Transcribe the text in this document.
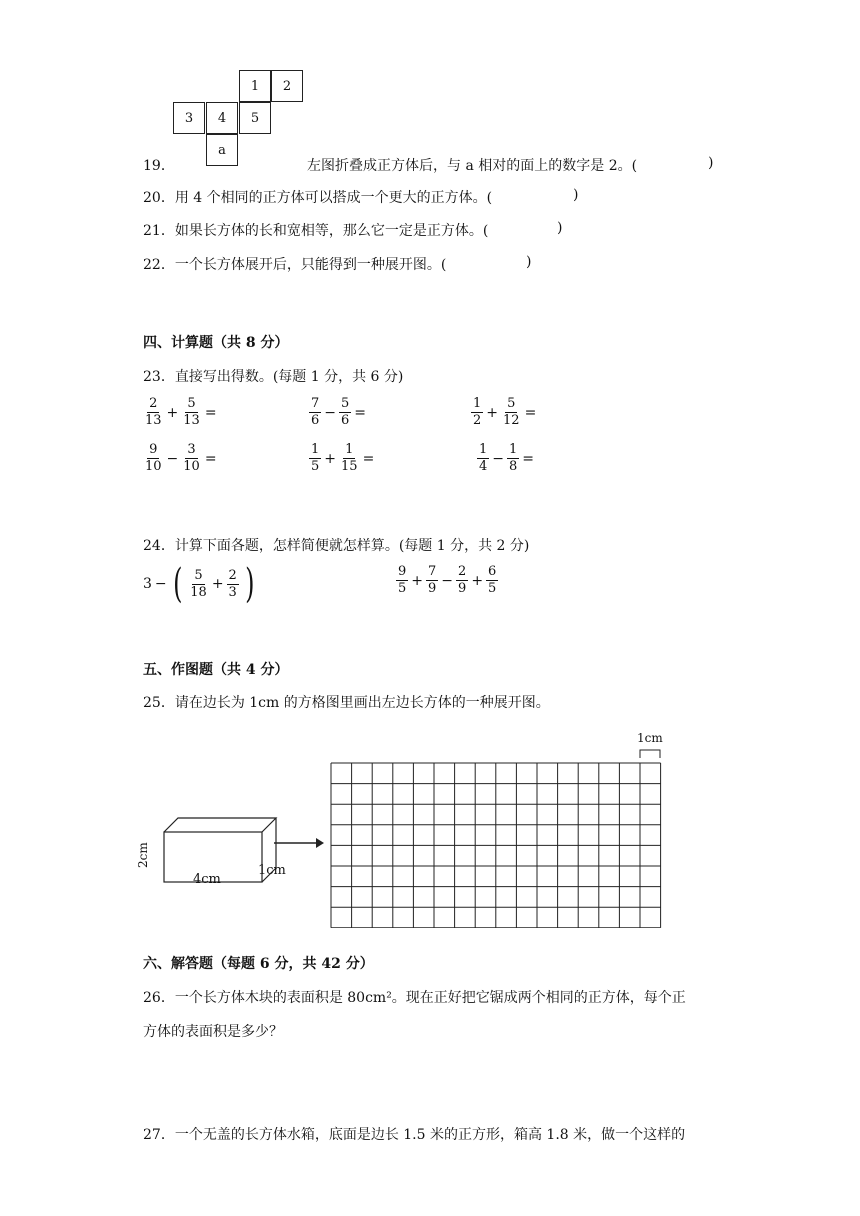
1 2
3 4 5
a
19．	左图折叠成正方体后，与 a 相对的面上的数字是 2。(	)
20．用 4 个相同的正方体可以搭成一个更大的正方体。(	)
21．如果长方体的长和宽相等，那么它一定是正方体。(	)
22．一个长方体展开后，只能得到一种展开图。(	)
四、计算题（共 8 分）
23．直接写出得数。(每题 1 分，共 6 分)
$\frac{2}{13} + \frac{5}{13}$ =	$\frac{7}{6} - \frac{5}{6}$ =	$\frac{1}{2} + \frac{5}{12}$ =
$\frac{9}{10} - \frac{3}{10}$ =	$\frac{1}{5} + \frac{1}{15}$ =	$\frac{1}{4} - \frac{1}{8}$ =
24．计算下面各题，怎样简便就怎样算。(每题 1 分，共 2 分)
3 − ( $\frac{5}{18} + \frac{2}{3}$ )	$\frac{9}{5} + \frac{7}{9} - \frac{2}{9} + \frac{6}{5}$
五、作图题（共 4 分）
25．请在边长为 1cm 的方格图里画出左边长方体的一种展开图。
2cm
4cm
1cm
1cm
六、解答题（每题 6 分，共 42 分）
26．一个长方体木块的表面积是 80cm²。现在正好把它锯成两个相同的正方体，每个正
方体的表面积是多少？
27．一个无盖的长方体水箱，底面是边长 1.5 米的正方形，箱高 1.8 米，做一个这样的
